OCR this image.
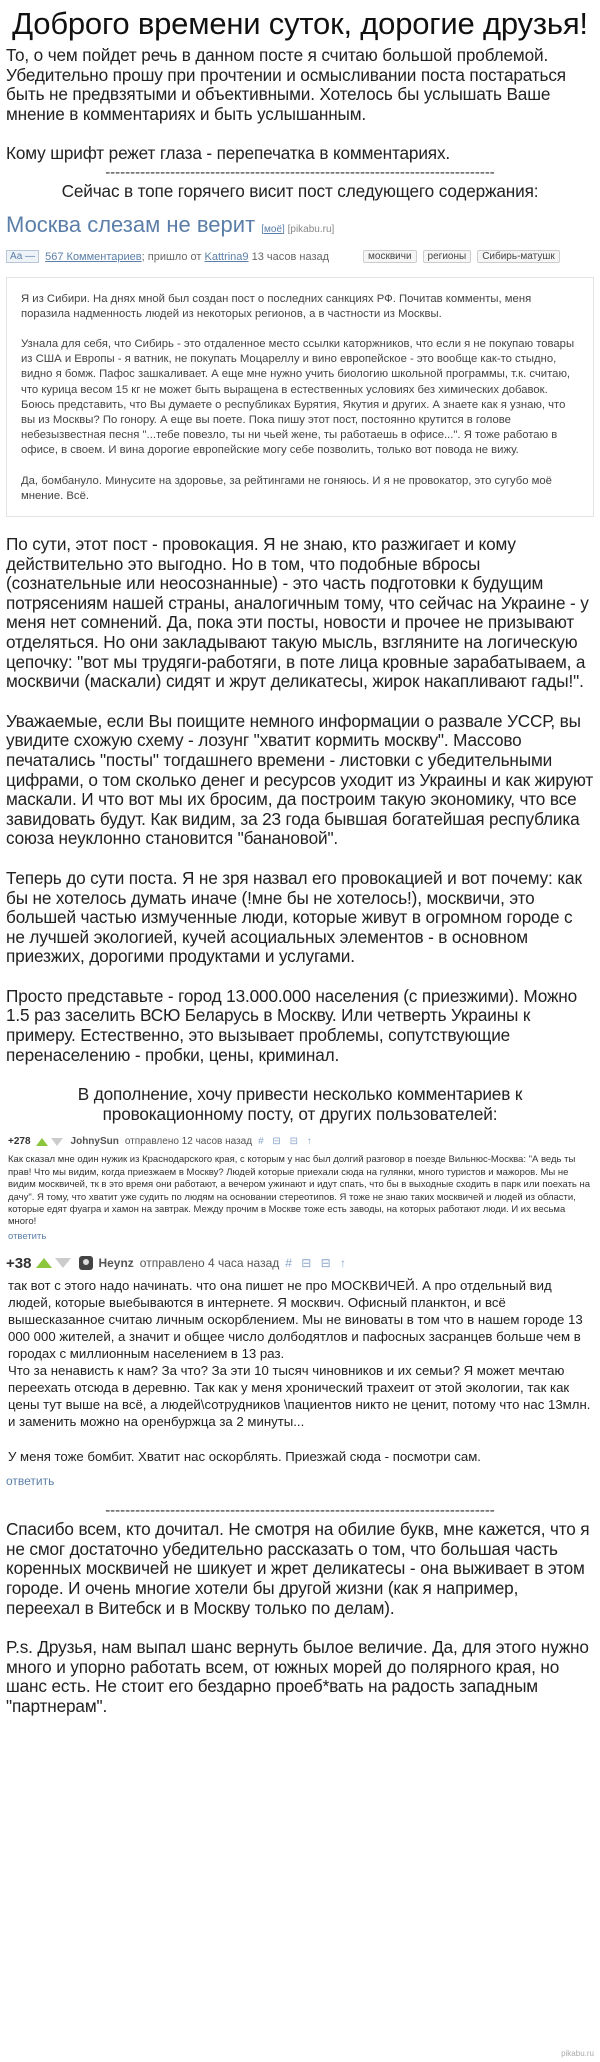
Доброго времени суток, дорогие друзья!

То, о чем пойдет речь в данном посте я считаю большой проблемой. Убедительно прошу при прочтении и осмысливании поста постараться быть не предвзятыми и объективными. Хотелось бы услышать Ваше мнение в комментариях и быть услышанным.

Кому шрифт режет глаза - перепечатка в комментариях.

------------------------------------------------------------------------------

Сейчас в топе горячего висит пост следующего содержания:

Москва слезам не верит [моё] [pikabu.ru]
Аа — 567 Комментариев ; пришло от
Kattrina9
13 часов назад	москвичи	регионы	Сибирь-матушк

Я из Сибири. На днях мной был создан пост о последних санкциях РФ. Почитав комменты, меня поразила надменность людей из некоторых регионов, а в частности из Москвы.

Узнала для себя, что Сибирь - это отдаленное место ссылки каторжников, что если я не покупаю товары из США и Европы - я ватник, не покупать Моцареллу и вино европейское - это вообще как-то стыдно, видно я бомж. Пафос зашкаливает. А еще мне нужно учить биологию школьной программы, т.к. считаю, что курица весом 15 кг не может быть выращена в естественных условиях без химических добавок. Боюсь представить, что Вы думаете о республиках Бурятия, Якутия и других. А знаете как я узнаю, что вы из Москвы? По гонору. А еще вы поете. Пока пишу этот пост, постоянно крутится в голове небезызвестная песня "...тебе повезло, ты ни чьей жене, ты работаешь в офисе...". Я тоже работаю в офисе, в своем. И вина дорогие европейские могу себе позволить, только вот повода не вижу.

Да, бомбануло. Минусите на здоровье, за рейтингами не гоняюсь. И я не провокатор, это сугубо моё мнение. Всё.

По сути, этот пост - провокация. Я не знаю, кто разжигает и кому действительно это выгодно. Но в том, что подобные вбросы (сознательные или неосознанные) - это часть подготовки к будущим потрясениям нашей страны, аналогичным тому, что сейчас на Украине - у меня нет сомнений. Да, пока эти посты, новости и прочее не призывают отделяться. Но они закладывают такую мысль, взгляните на логическую цепочку: "вот мы трудяги-работяги, в поте лица кровные зарабатываем, а москвичи (маскали) сидят и жрут деликатесы, жирок накапливают гады!".

Уважаемые, если Вы поищите немного информации о развале УССР, вы увидите схожую схему - лозунг "хватит кормить москву". Массово печатались "посты" тогдашнего времени - листовки с убедительными цифрами, о том сколько денег и ресурсов уходит из Украины и как жируют маскали. И что вот мы их бросим, да построим такую экономику, что все завидовать будут. Как видим, за 23 года бывшая богатейшая республика союза неуклонно становится "банановой".

Теперь до сути поста. Я не зря назвал его провокацией и вот почему: как бы не хотелось думать иначе (!мне бы не хотелось!), москвичи, это большей частью измученные люди, которые живут в огромном городе с не лучшей экологией, кучей асоциальных элементов - в основном приезжих, дорогими продуктами и услугами.

Просто представьте - город 13.000.000 населения (с приезжими). Можно 1.5 раз заселить ВСЮ Беларусь в Москву. Или четверть Украины к примеру. Естественно, это вызывает проблемы, сопутствующие перенаселению - пробки, цены, криминал.

В дополнение, хочу привести несколько комментариев к провокационному посту, от других пользователей:

+278	JohnySun отправлено 12 часов назад # ⊟ ⊟ ↑
Как сказал мне один нужик из Краснодарского края, с которым у нас был долгий разговор в поезде Вильнюс-Москва: "А ведь ты прав! Что мы видим, когда приезжаем в Москву? Людей которые приехали сюда на гулянки, много туристов и мажоров. Мы не видим москвичей, тк в это время они работают, а вечером ужинают и идут спать, что бы в выходные сходить в парк или поехать на дачу". Я тому, что хватит уже судить по людям на основании стереотипов. Я тоже не знаю таких москвичей и людей из области, которые едят фуагра и хамон на завтрак. Между прочим в Москве тоже есть заводы, на которых работают люди. И их весьма много!
ответить
+38	Heynz отправлено 4 часа назад # ⊟ ⊟ ↑

так вот с этого надо начинать. что она пишет не про МОСКВИЧЕЙ. А про отдельный вид людей, которые выебываются в интернете. Я москвич. Офисный планктон, и всё вышесказанное считаю личным оскорблением. Мы не виноваты в том что в нашем городе 13 000 000 жителей, а значит и общее число долбодятлов и пафосных засранцев больше чем в городах с миллионным населением в 13 раз.

Что за ненависть к нам? За что? За эти 10 тысяч чиновников и их семьи? Я может мечтаю переехать отсюда в деревню. Так как у меня хронический трахеит от этой экологии, так как цены тут выше на всё, а людей\сотрудников \пациентов никто не ценит, потому что нас 13млн. и заменить можно на оренбуржца за 2 минуты...

У меня тоже бомбит. Хватит нас оскорблять. Приезжай сюда - посмотри сам.

ответить
------------------------------------------------------------------------------

Спасибо всем, кто дочитал. Не смотря на обилие букв, мне кажется, что я не смог достаточно убедительно рассказать о том, что большая часть коренных москвичей не шикует и жрет деликатесы - она выживает в этом городе. И очень многие хотели бы другой жизни (как я например, переехал в Витебск и в Москву только по делам).

P.s. Друзья, нам выпал шанс вернуть былое величие. Да, для этого нужно много и упорно работать всем, от южных морей до полярного края, но шанс есть. Не стоит его бездарно проеб*вать на радость западным "партнерам".

pikabu.ru
